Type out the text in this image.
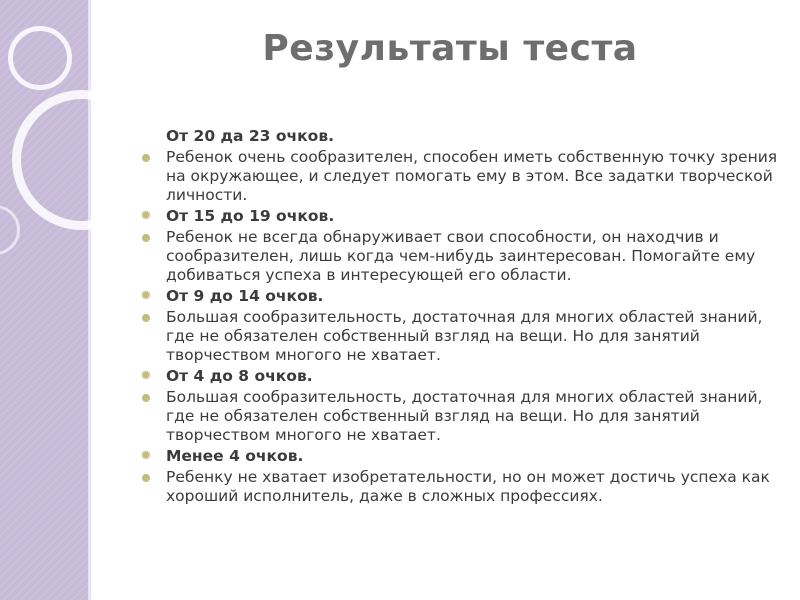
Результаты теста
От 20 да 23 очков.
Ребенок очень сообразителен, способен иметь собственную точку зрения на окружающее, и следует помогать ему в этом. Все задатки творческой личности.
✹ От 15 до 19 очков.
Ребенок не всегда обнаруживает свои способности, он находчив и сообразителен, лишь когда чем-нибудь заинтересован. Помогайте ему добиваться успеха в интересующей его области.
✹ От 9 до 14 очков.
Большая сообразительность, достаточная для многих областей знаний, где не обязателен собственный взгляд на вещи. Но для занятий творчеством многого не хватает.
✹ От 4 до 8 очков.
Большая сообразительность, достаточная для многих областей знаний, где не обязателен собственный взгляд на вещи. Но для занятий творчеством многого не хватает.
✹ Менее 4 очков.
Ребенку не хватает изобретательности, но он может достичь успеха как хороший исполнитель, даже в сложных профессиях.
